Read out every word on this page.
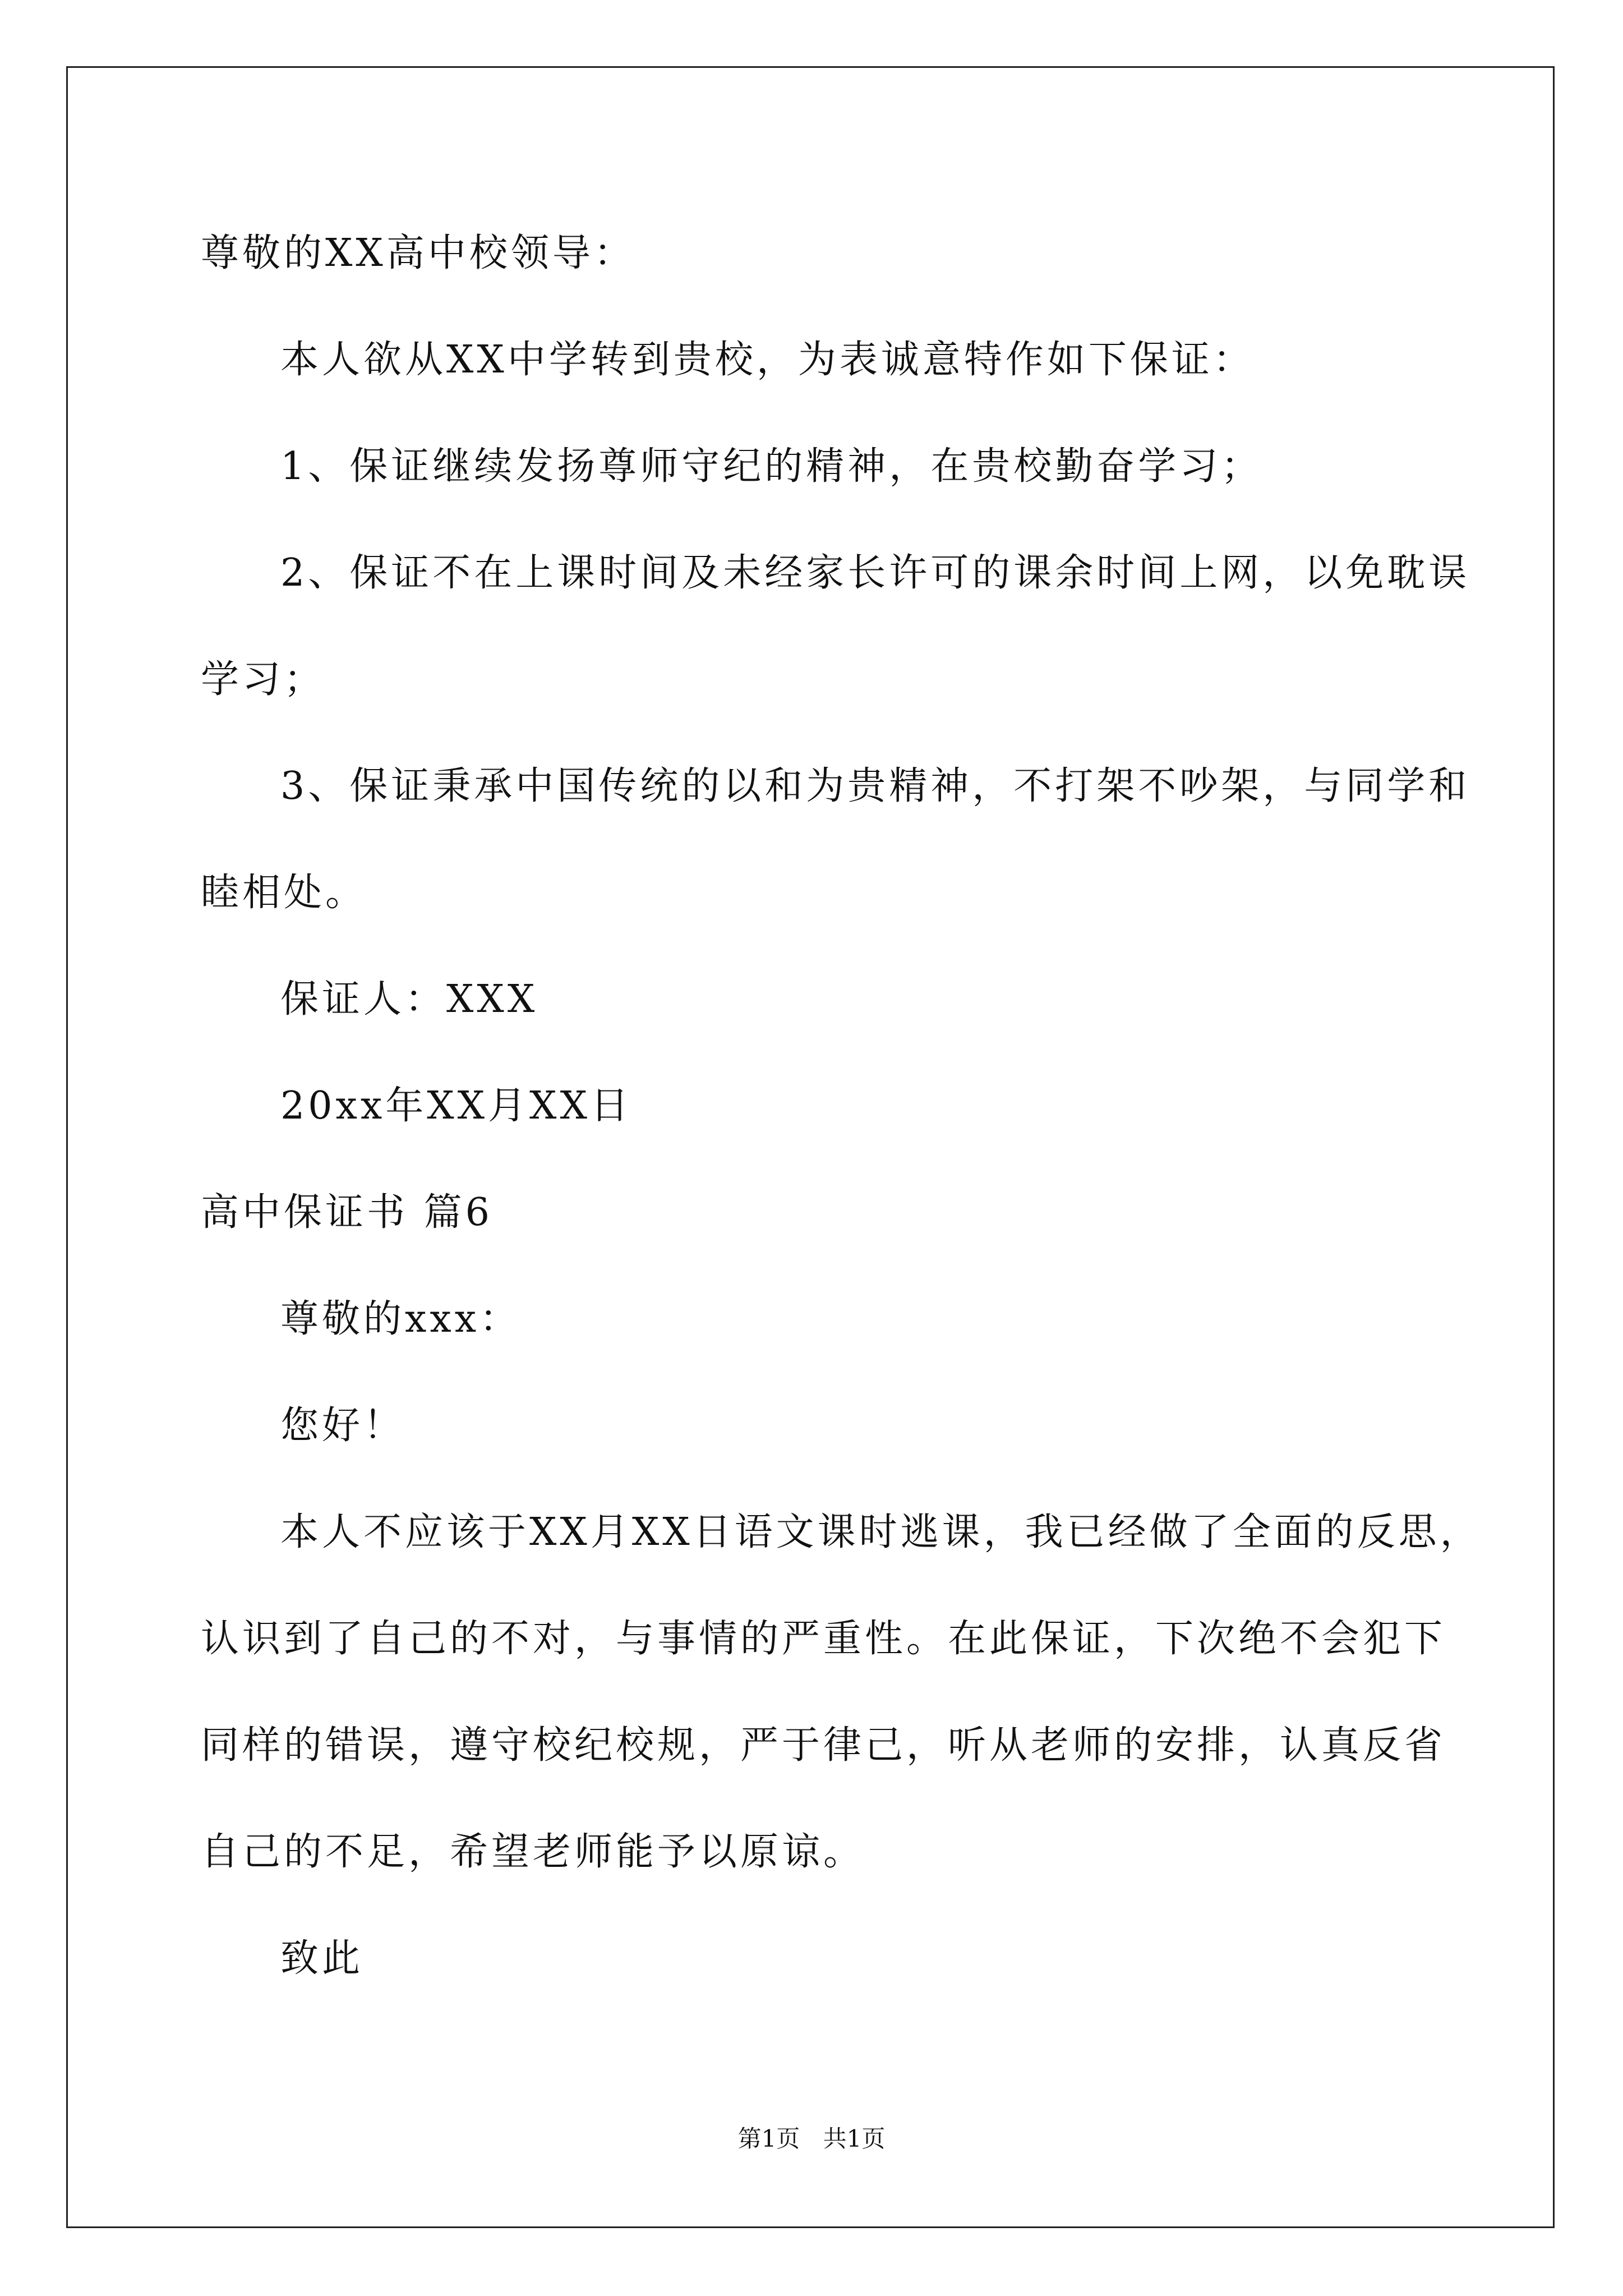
尊敬的XX高中校领导：
本人欲从XX中学转到贵校，为表诚意特作如下保证：
1、保证继续发扬尊师守纪的精神，在贵校勤奋学习；
2、保证不在上课时间及未经家长许可的课余时间上网，以免耽误
学习；
3、保证秉承中国传统的以和为贵精神，不打架不吵架，与同学和
睦相处。
保证人：XXX
20xx年XX月XX日
高中保证书 篇6
尊敬的xxx：
您好！
本人不应该于XX月XX日语文课时逃课，我已经做了全面的反思，
认识到了自己的不对，与事情的严重性。在此保证，下次绝不会犯下
同样的错误，遵守校纪校规，严于律己，听从老师的安排，认真反省
自己的不足，希望老师能予以原谅。
致此
第1页 共1页
